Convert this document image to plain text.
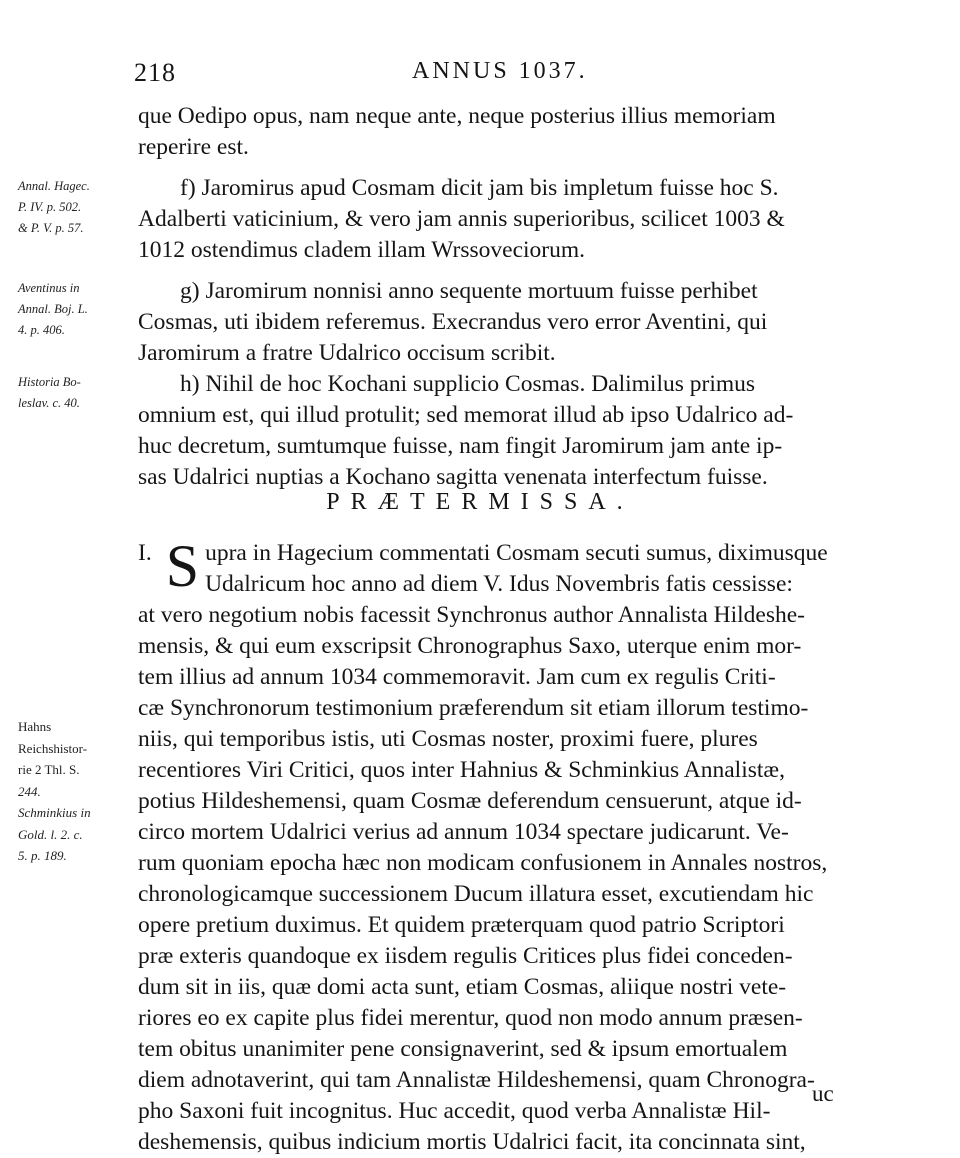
218	ANNUS 1037.
que Oedipo opus, nam neque ante, neque posterius illius memoriam
reperire est.
Annal. Hagec.
P. IV. p. 502.
& P. V. p. 57.
f) Jaromirus apud Cosmam dicit jam bis impletum fuisse hoc S.
Adalberti vaticinium, & vero jam annis superioribus, scilicet 1003 &
1012 ostendimus cladem illam Wrssoveciorum.
Aventinus in
Annal. Boj. L.
4. p. 406.
g) Jaromirum nonnisi anno sequente mortuum fuisse perhibet
Cosmas, uti ibidem referemus. Execrandus vero error Aventini, qui
Jaromirum a fratre Udalrico occisum scribit.
Historia Bo-
leslav. c. 40.
h) Nihil de hoc Kochani supplicio Cosmas. Dalimilus primus
omnium est, qui illud protulit; sed memorat illud ab ipso Udalrico ad-
huc decretum, sumtumque fuisse, nam fingit Jaromirum jam ante ip-
sas Udalrici nuptias a Kochano sagitta venenata interfectum fuisse.
PRÆTERMISSA.
Hahns
Reichshistor-
rie 2 Thl. S.
244.
Schminkius in
Gold. l. 2. c.
5. p. 189.
I. S upra in Hagecium commentati Cosmam secuti sumus, diximusque
Udalricum hoc anno ad diem V. Idus Novembris fatis cessisse:
at vero negotium nobis facessit Synchronus author Annalista Hildeshe-
mensis, & qui eum exscripsit Chronographus Saxo, uterque enim mor-
tem illius ad annum 1034 commemoravit. Jam cum ex regulis Criti-
cæ Synchronorum testimonium præferendum sit etiam illorum testimo-
niis, qui temporibus istis, uti Cosmas noster, proximi fuere, plures
recentiores Viri Critici, quos inter Hahnius & Schminkius Annalistæ,
potius Hildeshemensi, quam Cosmæ deferendum censuerunt, atque id-
circo mortem Udalrici verius ad annum 1034 spectare judicarunt. Ve-
rum quoniam epocha hæc non modicam confusionem in Annales nostros,
chronologicamque successionem Ducum illatura esset, excutiendam hic
opere pretium duximus. Et quidem præterquam quod patrio Scriptori
præ exteris quandoque ex iisdem regulis Critices plus fidei conceden-
dum sit in iis, quæ domi acta sunt, etiam Cosmas, aliique nostri vete-
riores eo ex capite plus fidei merentur, quod non modo annum præsen-
tem obitus unanimiter pene consignaverint, sed & ipsum emortualem
diem adnotaverint, qui tam Annalistæ Hildeshemensi, quam Chronogra-
pho Saxoni fuit incognitus. Huc accedit, quod verba Annalistæ Hil-
deshemensis, quibus indicium mortis Udalrici facit, ita concinnata sint,
uc
